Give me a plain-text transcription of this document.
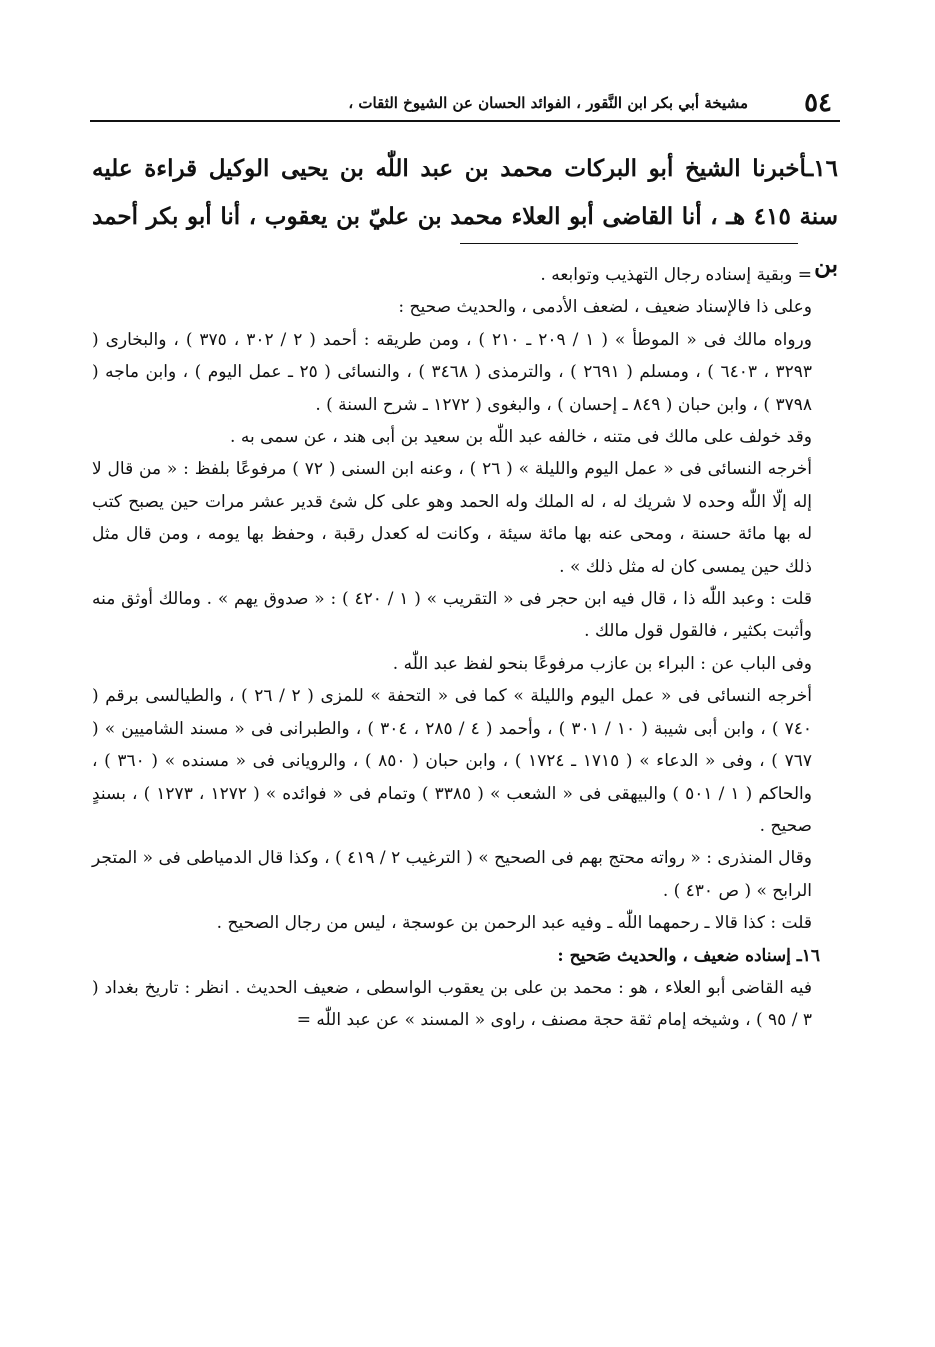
٥٤
مشيخة أبي بكر ابن النَّقور ، الفوائد الحسان عن الشيوخ الثقات ،
١٦ـأخبرنا الشيخ أبو البركات محمد بن عبد اللّٰه بن يحيى الوكيل قراءة عليه سنة ٤١٥ هـ ، أنا القاضى أبو العلاء محمد بن عليّ بن يعقوب ، أنا أبو بكر أحمد بن

= وبقية إسناده رجال التهذيب وتوابعه .

وعلى ذا فالإسناد ضعيف ، لضعف الأدمى ، والحديث صحيح :

ورواه مالك فى « الموطأ » ( ١ / ٢٠٩ ـ ٢١٠ ) ، ومن طريقه : أحمد ( ٢ / ٣٠٢ ، ٣٧٥ ) ، والبخارى ( ٣٢٩٣ ، ٦٤٠٣ ) ، ومسلم ( ٢٦٩١ ) ، والترمذى ( ٣٤٦٨ ) ، والنسائى ( ٢٥ ـ عمل اليوم ) ، وابن ماجه ( ٣٧٩٨ ) ، وابن حبان ( ٨٤٩ ـ إحسان ) ، والبغوى ( ١٢٧٢ ـ شرح السنة ) .

وقد خولف على مالك فى متنه ، خالفه عبد اللّٰه بن سعيد بن أبى هند ، عن سمى به .

أخرجه النسائى فى « عمل اليوم والليلة » ( ٢٦ ) ، وعنه ابن السنى ( ٧٢ ) مرفوعًا بلفظ : « من قال لا إله إلّا اللّٰه وحده لا شريك له ، له الملك وله الحمد وهو على كل شئ قدير عشر مرات حين يصبح كتب له بها مائة حسنة ، ومحى عنه بها مائة سيئة ، وكانت له كعدل رقبة ، وحفظ بها يومه ، ومن قال مثل ذلك حين يمسى كان له مثل ذلك » .

قلت : وعبد اللّٰه ذا ، قال فيه ابن حجر فى « التقريب » ( ١ / ٤٢٠ ) : « صدوق يهم » . ومالك أوثق منه وأثبت بكثير ، فالقول قول مالك .

وفى الباب عن : البراء بن عازب مرفوعًا بنحو لفظ عبد اللّٰه .

أخرجه النسائى فى « عمل اليوم والليلة » كما فى « التحفة » للمزى ( ٢ / ٢٦ ) ، والطيالسى برقم ( ٧٤٠ ) ، وابن أبى شيبة ( ١٠ / ٣٠١ ) ، وأحمد ( ٤ / ٢٨٥ ، ٣٠٤ ) ، والطبرانى فى « مسند الشاميين » ( ٧٦٧ ) ، وفى « الدعاء » ( ١٧١٥ ـ ١٧٢٤ ) ، وابن حبان ( ٨٥٠ ) ، والرويانى فى « مسنده » ( ٣٦٠ ) ، والحاكم ( ١ / ٥٠١ ) والبيهقى فى « الشعب » ( ٣٣٨٥ ) وتمام فى « فوائده » ( ١٢٧٢ ، ١٢٧٣ ) ، بسندٍ صحيح .

وقال المنذرى : « رواته محتج بهم فى الصحيح » ( الترغيب ٢ / ٤١٩ ) ، وكذا قال الدمياطى فى « المتجر الرابح » ( ص ٤٣٠ ) .

قلت : كذا قالا ـ رحمهما اللّٰه ـ وفيه عبد الرحمن بن عوسجة ، ليس من رجال الصحيح .

١٦ـ إسناده ضعيف ، والحديث صَحيح :

فيه القاضى أبو العلاء ، هو : محمد بن على بن يعقوب الواسطى ، ضعيف الحديث . انظر : تاريخ بغداد ( ٣ / ٩٥ ) ، وشيخه إمام ثقة حجة مصنف ، راوى « المسند » عن عبد اللّٰه =
